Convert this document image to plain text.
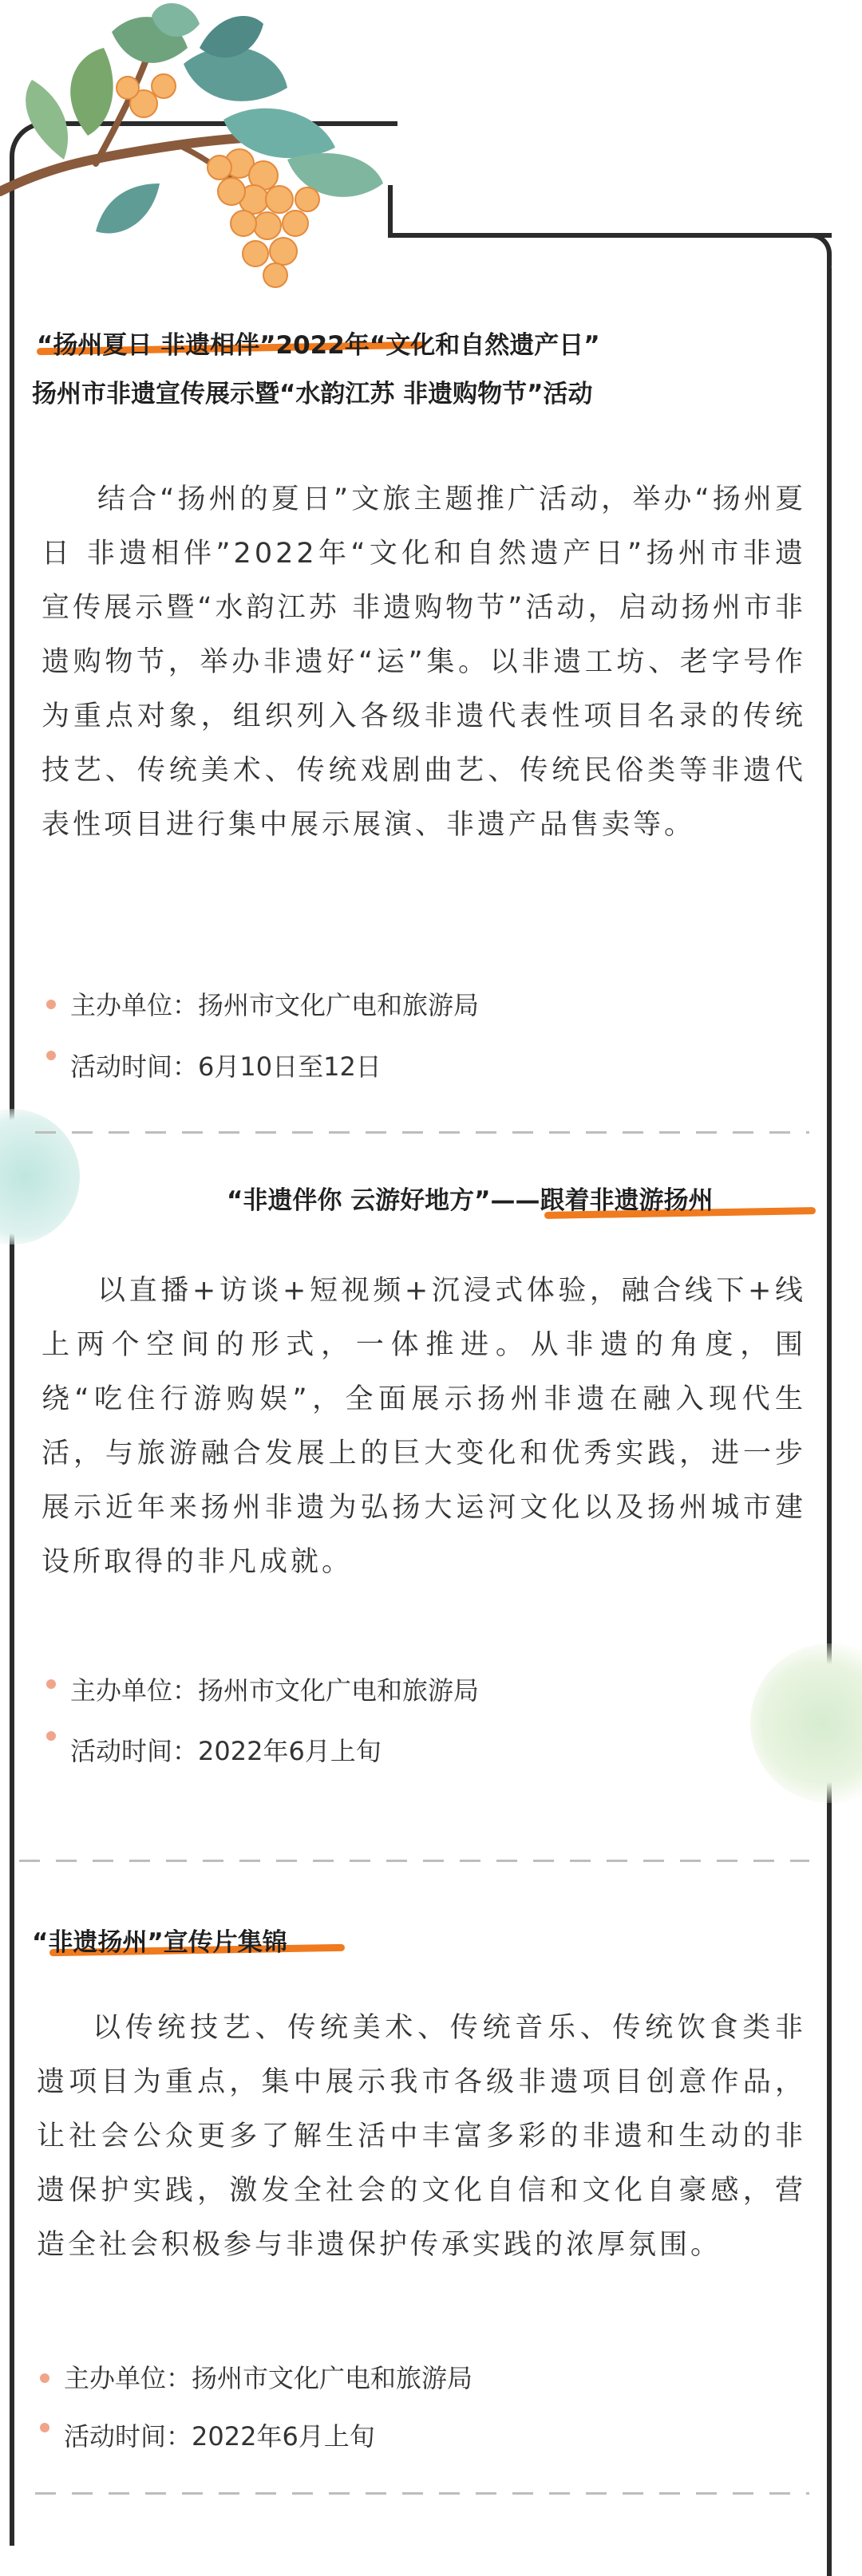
“扬州夏日 非遗相伴”2022年“文化和自然遗产日”
扬州市非遗宣传展示暨“水韵江苏 非遗购物节”活动
结合“扬州的夏日”文旅主题推广活动，举办“扬州夏日 非遗相伴”2022年“文化和自然遗产日”扬州市非遗宣传展示暨“水韵江苏 非遗购物节”活动，启动扬州市非遗购物节，举办非遗好“运”集。以非遗工坊、老字号作为重点对象，组织列入各级非遗代表性项目名录的传统技艺、传统美术、传统戏剧曲艺、传统民俗类等非遗代表性项目进行集中展示展演、非遗产品售卖等。
主办单位：扬州市文化广电和旅游局
活动时间：6月10日至12日
“非遗伴你 云游好地方”——跟着非遗游扬州
以直播+访谈+短视频+沉浸式体验，融合线下+线上两个空间的形式，一体推进。从非遗的角度，围绕“吃住行游购娱”，全面展示扬州非遗在融入现代生活，与旅游融合发展上的巨大变化和优秀实践，进一步展示近年来扬州非遗为弘扬大运河文化以及扬州城市建设所取得的非凡成就。
主办单位：扬州市文化广电和旅游局
活动时间：2022年6月上旬
“非遗扬州”宣传片集锦
以传统技艺、传统美术、传统音乐、传统饮食类非遗项目为重点，集中展示我市各级非遗项目创意作品，让社会公众更多了解生活中丰富多彩的非遗和生动的非遗保护实践，激发全社会的文化自信和文化自豪感，营造全社会积极参与非遗保护传承实践的浓厚氛围。
主办单位：扬州市文化广电和旅游局
活动时间：2022年6月上旬
